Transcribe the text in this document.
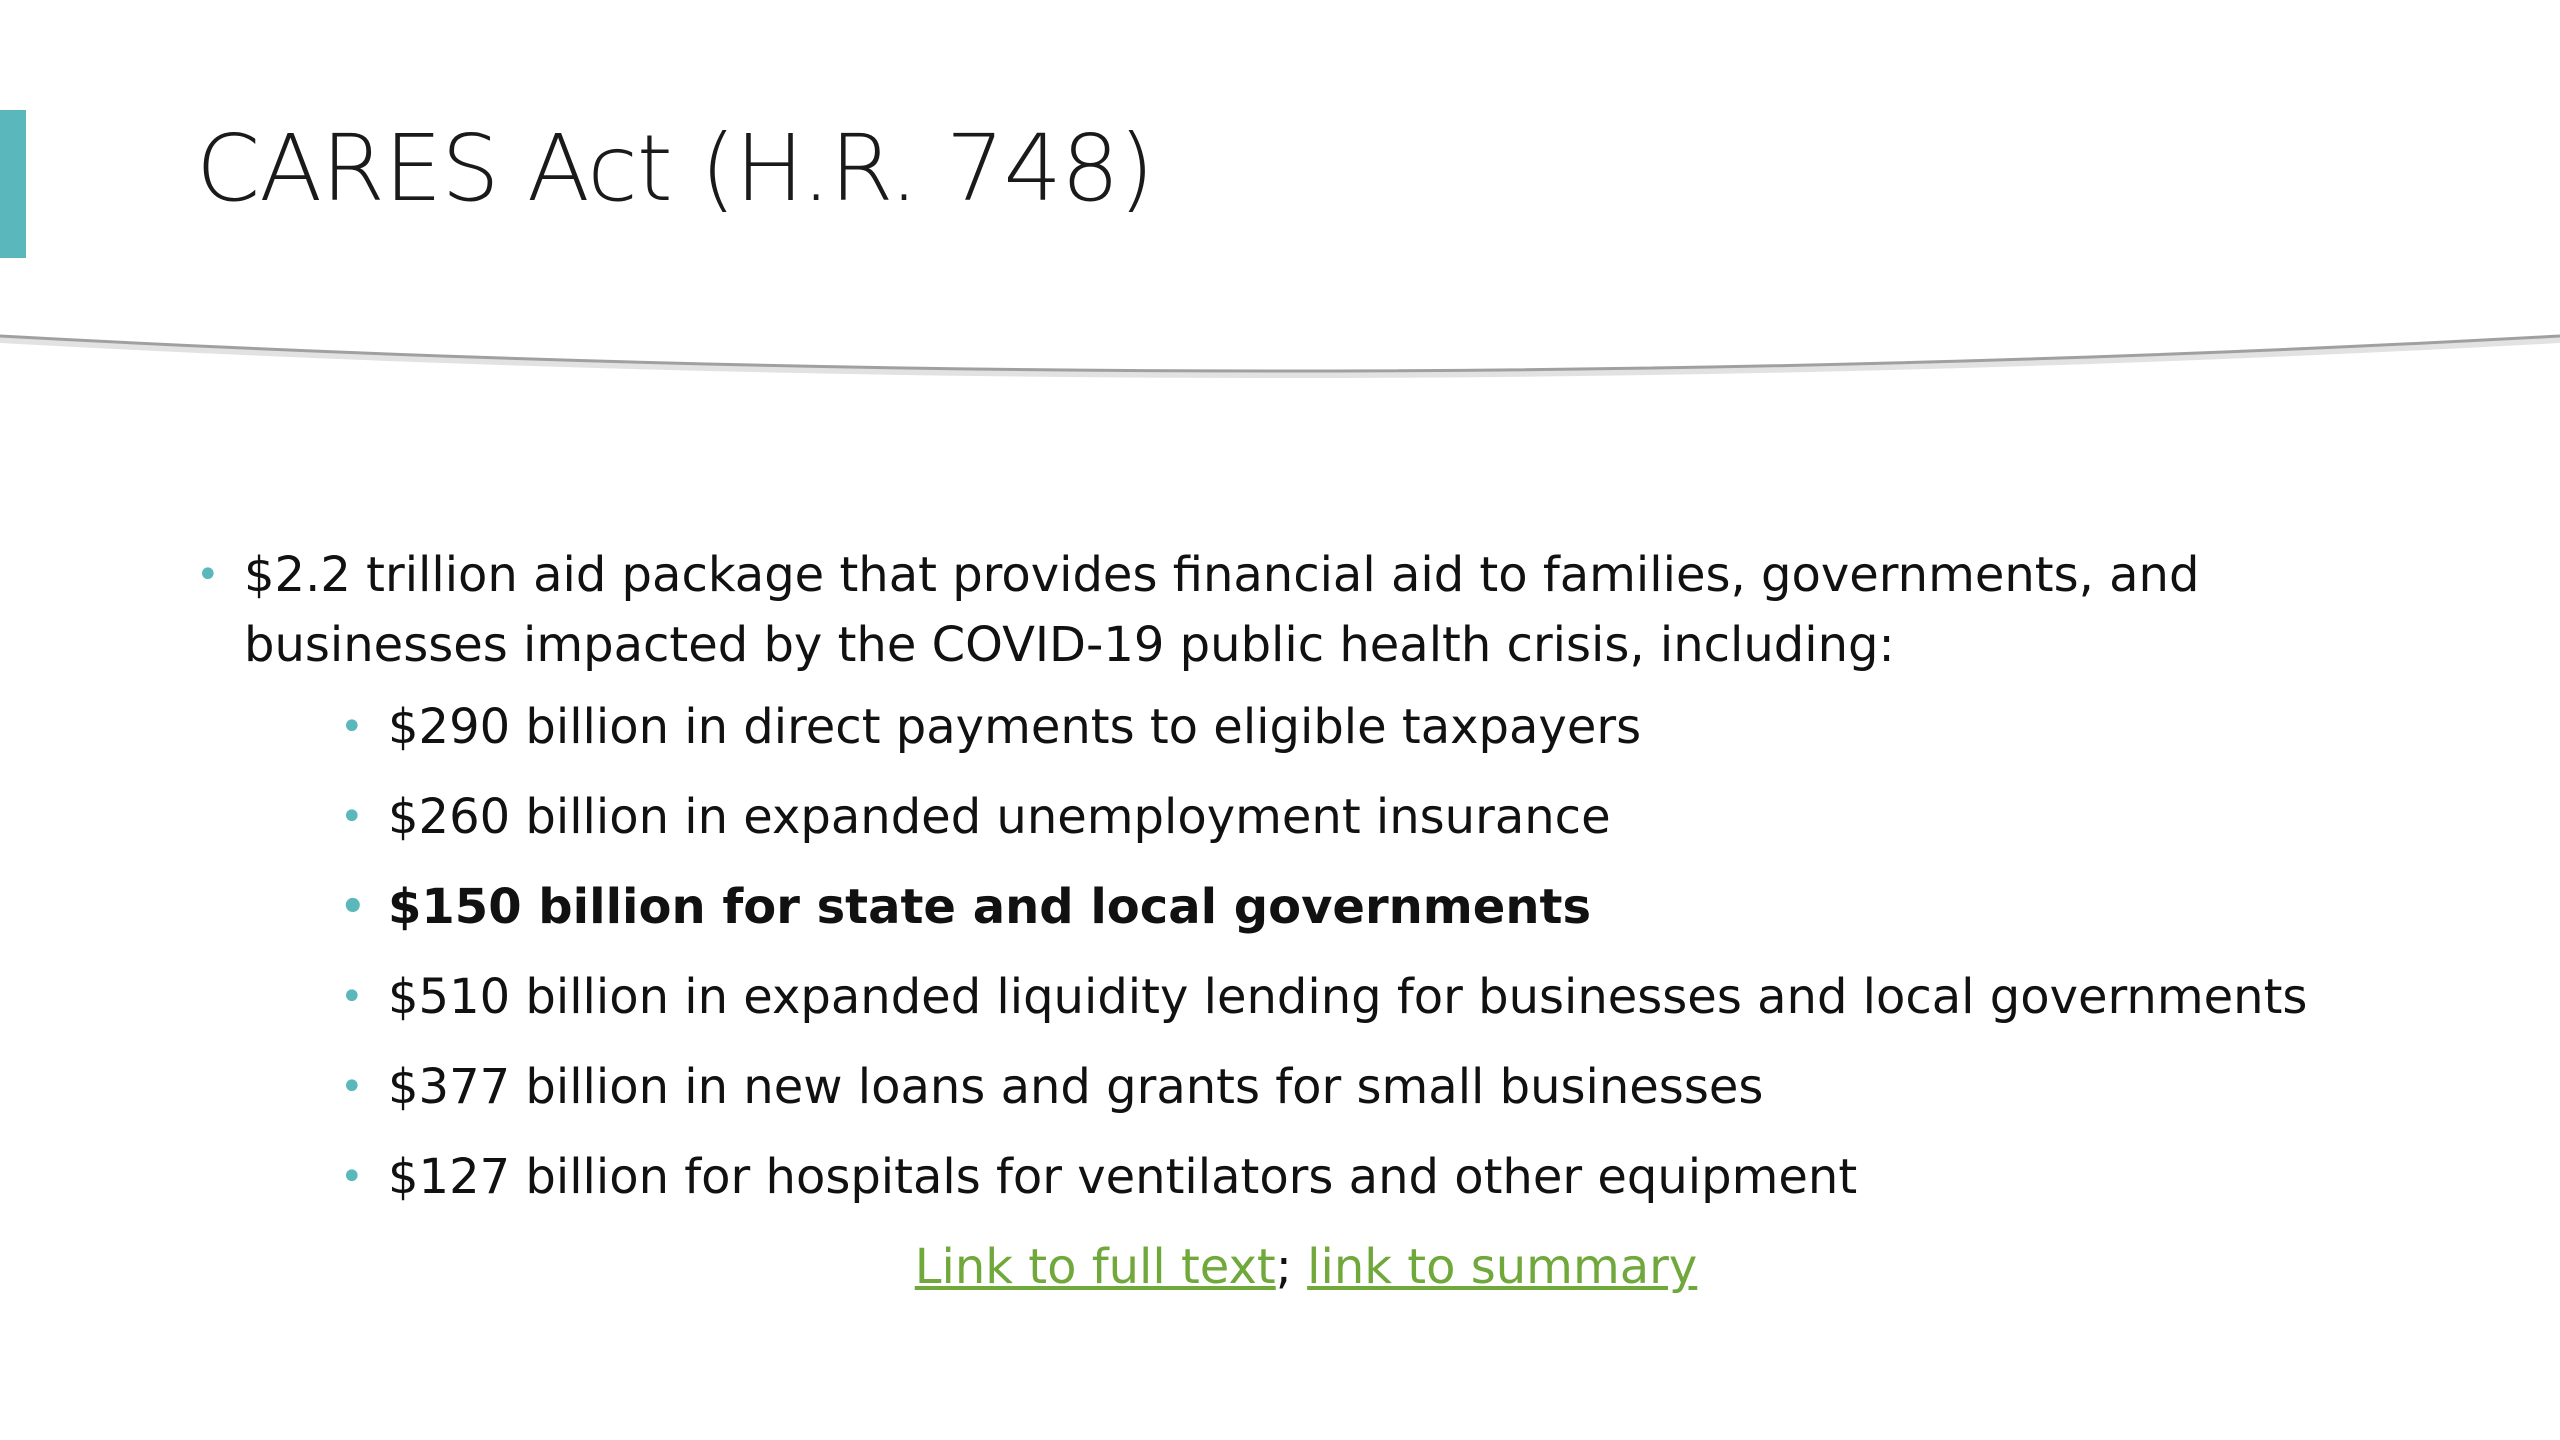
CARES Act (H.R. 748)
• $2.2 trillion aid package that provides financial aid to families, governments, and businesses impacted by the COVID-19 public health crisis, including:
• $290 billion in direct payments to eligible taxpayers
• $260 billion in expanded unemployment insurance
• $150 billion for state and local governments
• $510 billion in expanded liquidity lending for businesses and local governments
• $377 billion in new loans and grants for small businesses
• $127 billion for hospitals for ventilators and other equipment
Link to full text; link to summary
